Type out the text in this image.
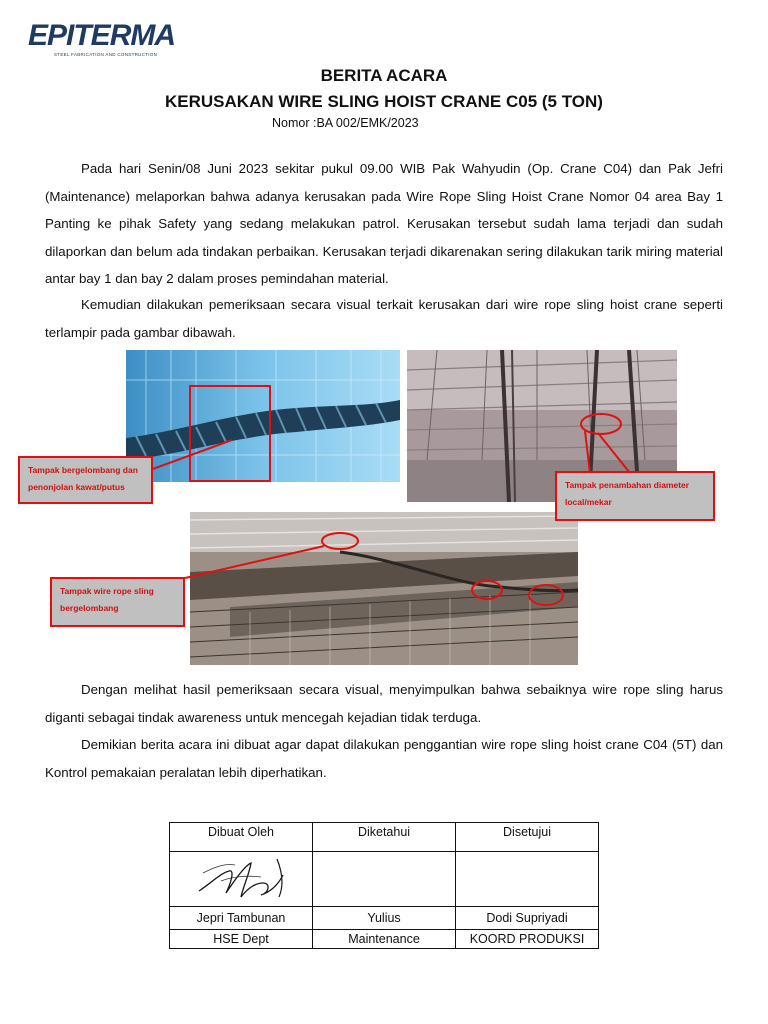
EPITERMA
STEEL FABRICATION AND CONSTRUCTION
BERITA ACARA
KERUSAKAN WIRE SLING HOIST CRANE C05 (5 TON)
Nomor :BA 002/EMK/2023

Pada hari Senin/08 Juni 2023 sekitar pukul 09.00 WIB Pak Wahyudin (Op. Crane C04) dan Pak Jefri (Maintenance) melaporkan bahwa adanya kerusakan pada Wire Rope Sling Hoist Crane Nomor 04 area Bay 1 Panting ke pihak Safety yang sedang melakukan patrol. Kerusakan tersebut sudah lama terjadi dan sudah dilaporkan dan belum ada tindakan perbaikan. Kerusakan terjadi dikarenakan sering dilakukan tarik miring material antar bay 1 dan bay 2 dalam proses pemindahan material.

Kemudian dilakukan pemeriksaan secara visual terkait kerusakan dari wire rope sling hoist crane seperti terlampir pada gambar dibawah.

Tampak bergelombang dan penonjolan kawat/putus	Tampak penambahan diameter local/mekar
Tampak wire rope sling bergelombang

Dengan melihat hasil pemeriksaan secara visual, menyimpulkan bahwa sebaiknya wire rope sling harus diganti sebagai tindak awareness untuk mencegah kejadian tidak terduga.

Demikian berita acara ini dibuat agar dapat dilakukan penggantian wire rope sling hoist crane C04 (5T) dan Kontrol pemakaian peralatan lebih diperhatikan.

Dibuat Oleh	Diketahui	Disetujui

Jepri Tambunan	Yulius	Dodi Supriyadi
HSE Dept	Maintenance	KOORD PRODUKSI
